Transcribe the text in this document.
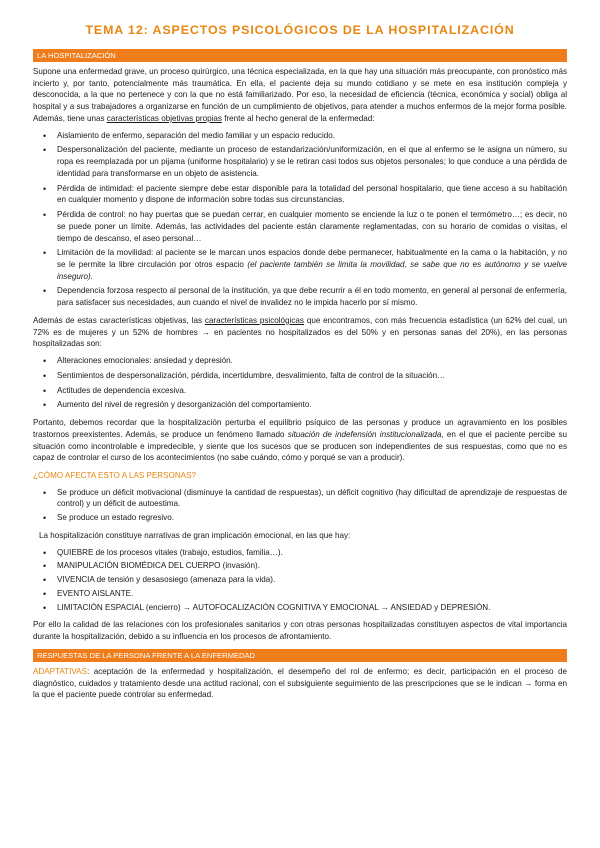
TEMA 12: ASPECTOS PSICOLÓGICOS DE LA HOSPITALIZACIÓN
LA HOSPITALIZACIÓN

Supone una enfermedad grave, un proceso quirúrgico, una técnica especializada, en la que hay una situación más preocupante, con pronóstico más incierto y, por tanto, potencialmente más traumática. En ella, el paciente deja su mundo cotidiano y se mete en esa institución compleja y desconocida, a la que no pertenece y con la que no está familiarizado. Por eso, la necesidad de eficiencia (técnica, económica y social) obliga al hospital y a sus trabajadores a organizarse en función de un cumplimiento de objetivos, para atender a muchos enfermos de la mejor forma posible. Además, tiene unas características objetivas propias frente al hecho general de la enfermedad:

• Aislamiento de enfermo, separación del medio familiar y un espacio reducido.
• Despersonalización del paciente, mediante un proceso de estandarización/uniformización, en el que al enfermo se le asigna un número, su ropa es reemplazada por un pijama (uniforme hospitalario) y se le retiran casi todos sus objetos personales; lo que conduce a una pérdida de identidad para transformarse en un objeto de asistencia.
• Pérdida de intimidad: el paciente siempre debe estar disponible para la totalidad del personal hospitalario, que tiene acceso a su habitación en cualquier momento y dispone de información sobre todas sus circunstancias.
• Pérdida de control: no hay puertas que se puedan cerrar, en cualquier momento se enciende la luz o te ponen el termómetro…; es decir, no se puede poner un límite. Además, las actividades del paciente están claramente reglamentadas, con su horario de comidas o visitas, el tiempo de descanso, el aseo personal…
• Limitación de la movilidad: al paciente se le marcan unos espacios donde debe permanecer, habitualmente en la cama o la habitación, y no se le permite la libre circulación por otros espacio (el paciente también se limita la movilidad, se sabe que no es autónomo y se vuelve inseguro).
• Dependencia forzosa respecto al personal de la institución, ya que debe recurrir a él en todo momento, en general al personal de enfermería, para satisfacer sus necesidades, aun cuando el nivel de invalidez no le impida hacerlo por sí mismo.

Además de estas características objetivas, las características psicológicas que encontramos, con más frecuencia estadística (un 62% del cual, un 72% es de mujeres y un 52% de hombres → en pacientes no hospitalizados es del 50% y en personas sanas del 20%), en las personas hospitalizadas son:

• Alteraciones emocionales: ansiedad y depresión.
• Sentimientos de despersonalización, pérdida, incertidumbre, desvalimiento, falta de control de la situación…
• Actitudes de dependencia excesiva.
• Aumento del nivel de regresión y desorganización del comportamiento.

Portanto, debemos recordar que la hospitalización perturba el equilibrio psíquico de las personas y produce un agravamiento en los posibles trastornos preexistentes. Además, se produce un fenómeno llamado situación de indefensión institucionalizada, en el que el paciente percibe su situación como incontrolable e impredecible, y siente que los sucesos que se producen son independientes de sus respuestas, como que no es capaz de controlar el curso de los acontecimientos (no sabe cuándo, cómo y porqué se van a producir).

¿CÓMO AFECTA ESTO A LAS PERSONAS?
• Se produce un déficit motivacional (disminuye la cantidad de respuestas), un déficit cognitivo (hay dificultad de aprendizaje de respuestas de control) y un déficit de autoestima.
• Se produce un estado regresivo.

La hospitalización constituye narrativas de gran implicación emocional, en las que hay:

• QUIEBRE de los procesos vitales (trabajo, estudios, familia…).
• MANIPULACIÓN BIOMÉDICA DEL CUERPO (invasión).
• VIVENCIA de tensión y desasosiego (amenaza para la vida).
• EVENTO AISLANTE.
• LIMITACIÓN ESPACIAL (encierro) → AUTOFOCALIZACIÓN COGNITIVA Y EMOCIONAL → ANSIEDAD y DEPRESIÓN.

Por ello la calidad de las relaciones con los profesionales sanitarios y con otras personas hospitalizadas constituyen aspectos de vital importancia durante la hospitalización, debido a su influencia en los procesos de afrontamiento.

RESPUESTAS DE LA PERSONA FRENTE A LA ENFERMEDAD

ADAPTATIVAS: aceptación de la enfermedad y hospitalización, el desempeño del rol de enfermo; es decir, participación en el proceso de diagnóstico, cuidados y tratamiento desde una actitud racional, con el subsiguiente seguimiento de las prescripciones que se le indican → forma en la que el paciente puede controlar su enfermedad.
